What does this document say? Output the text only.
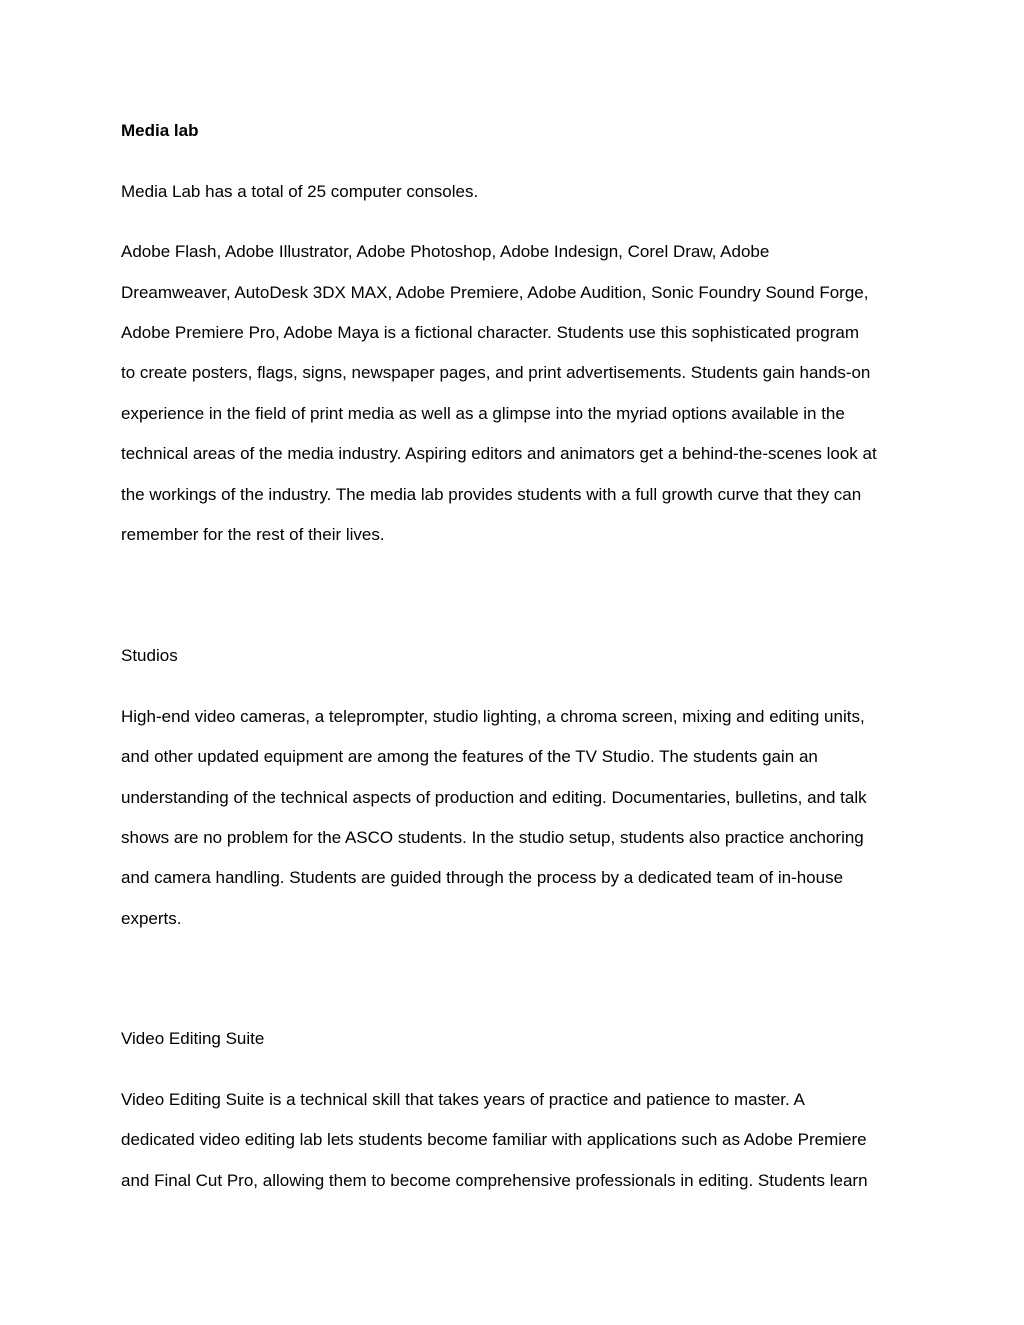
Media lab

Media Lab has a total of 25 computer consoles.

Adobe Flash, Adobe Illustrator, Adobe Photoshop, Adobe Indesign, Corel Draw, Adobe

Dreamweaver, AutoDesk 3DX MAX, Adobe Premiere, Adobe Audition, Sonic Foundry Sound Forge,

Adobe Premiere Pro, Adobe Maya is a fictional character. Students use this sophisticated program

to create posters, flags, signs, newspaper pages, and print advertisements. Students gain hands-on

experience in the field of print media as well as a glimpse into the myriad options available in the

technical areas of the media industry. Aspiring editors and animators get a behind-the-scenes look at

the workings of the industry. The media lab provides students with a full growth curve that they can

remember for the rest of their lives.

Studios

High-end video cameras, a teleprompter, studio lighting, a chroma screen, mixing and editing units,

and other updated equipment are among the features of the TV Studio. The students gain an

understanding of the technical aspects of production and editing. Documentaries, bulletins, and talk

shows are no problem for the ASCO students. In the studio setup, students also practice anchoring

and camera handling. Students are guided through the process by a dedicated team of in-house

experts.

Video Editing Suite

Video Editing Suite is a technical skill that takes years of practice and patience to master. A

dedicated video editing lab lets students become familiar with applications such as Adobe Premiere

and Final Cut Pro, allowing them to become comprehensive professionals in editing. Students learn
